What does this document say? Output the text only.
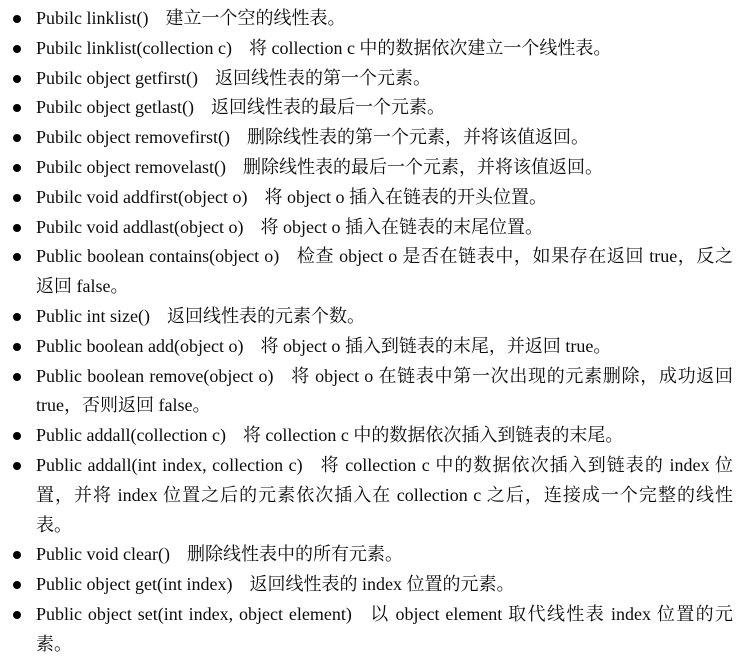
Pubilc linklist() 建立一个空的线性表。
Pubilc linklist(collection c) 将 collection c 中的数据依次建立一个线性表。
Pubilc object getfirst() 返回线性表的第一个元素。
Pubilc object getlast() 返回线性表的最后一个元素。
Pubilc object removefirst() 删除线性表的第一个元素，并将该值返回。
Pubilc object removelast() 删除线性表的最后一个元素，并将该值返回。
Pubilc void addfirst(object o) 将 object o 插入在链表的开头位置。
Pubilc void addlast(object o) 将 object o 插入在链表的末尾位置。
Public boolean contains(object o) 检查 object o 是否在链表中，如果存在返回 true，反之返回 false。
Public int size() 返回线性表的元素个数。
Public boolean add(object o) 将 object o 插入到链表的末尾，并返回 true。
Public boolean remove(object o) 将 object o 在链表中第一次出现的元素删除，成功返回 true，否则返回 false。
Public addall(collection c) 将 collection c 中的数据依次插入到链表的末尾。
Public addall(int index, collection c) 将 collection c 中的数据依次插入到链表的 index 位置，并将 index 位置之后的元素依次插入在 collection c 之后，连接成一个完整的线性表。
Public void clear() 删除线性表中的所有元素。
Public object get(int index) 返回线性表的 index 位置的元素。
Public object set(int index, object element) 以 object element 取代线性表 index 位置的元素。
